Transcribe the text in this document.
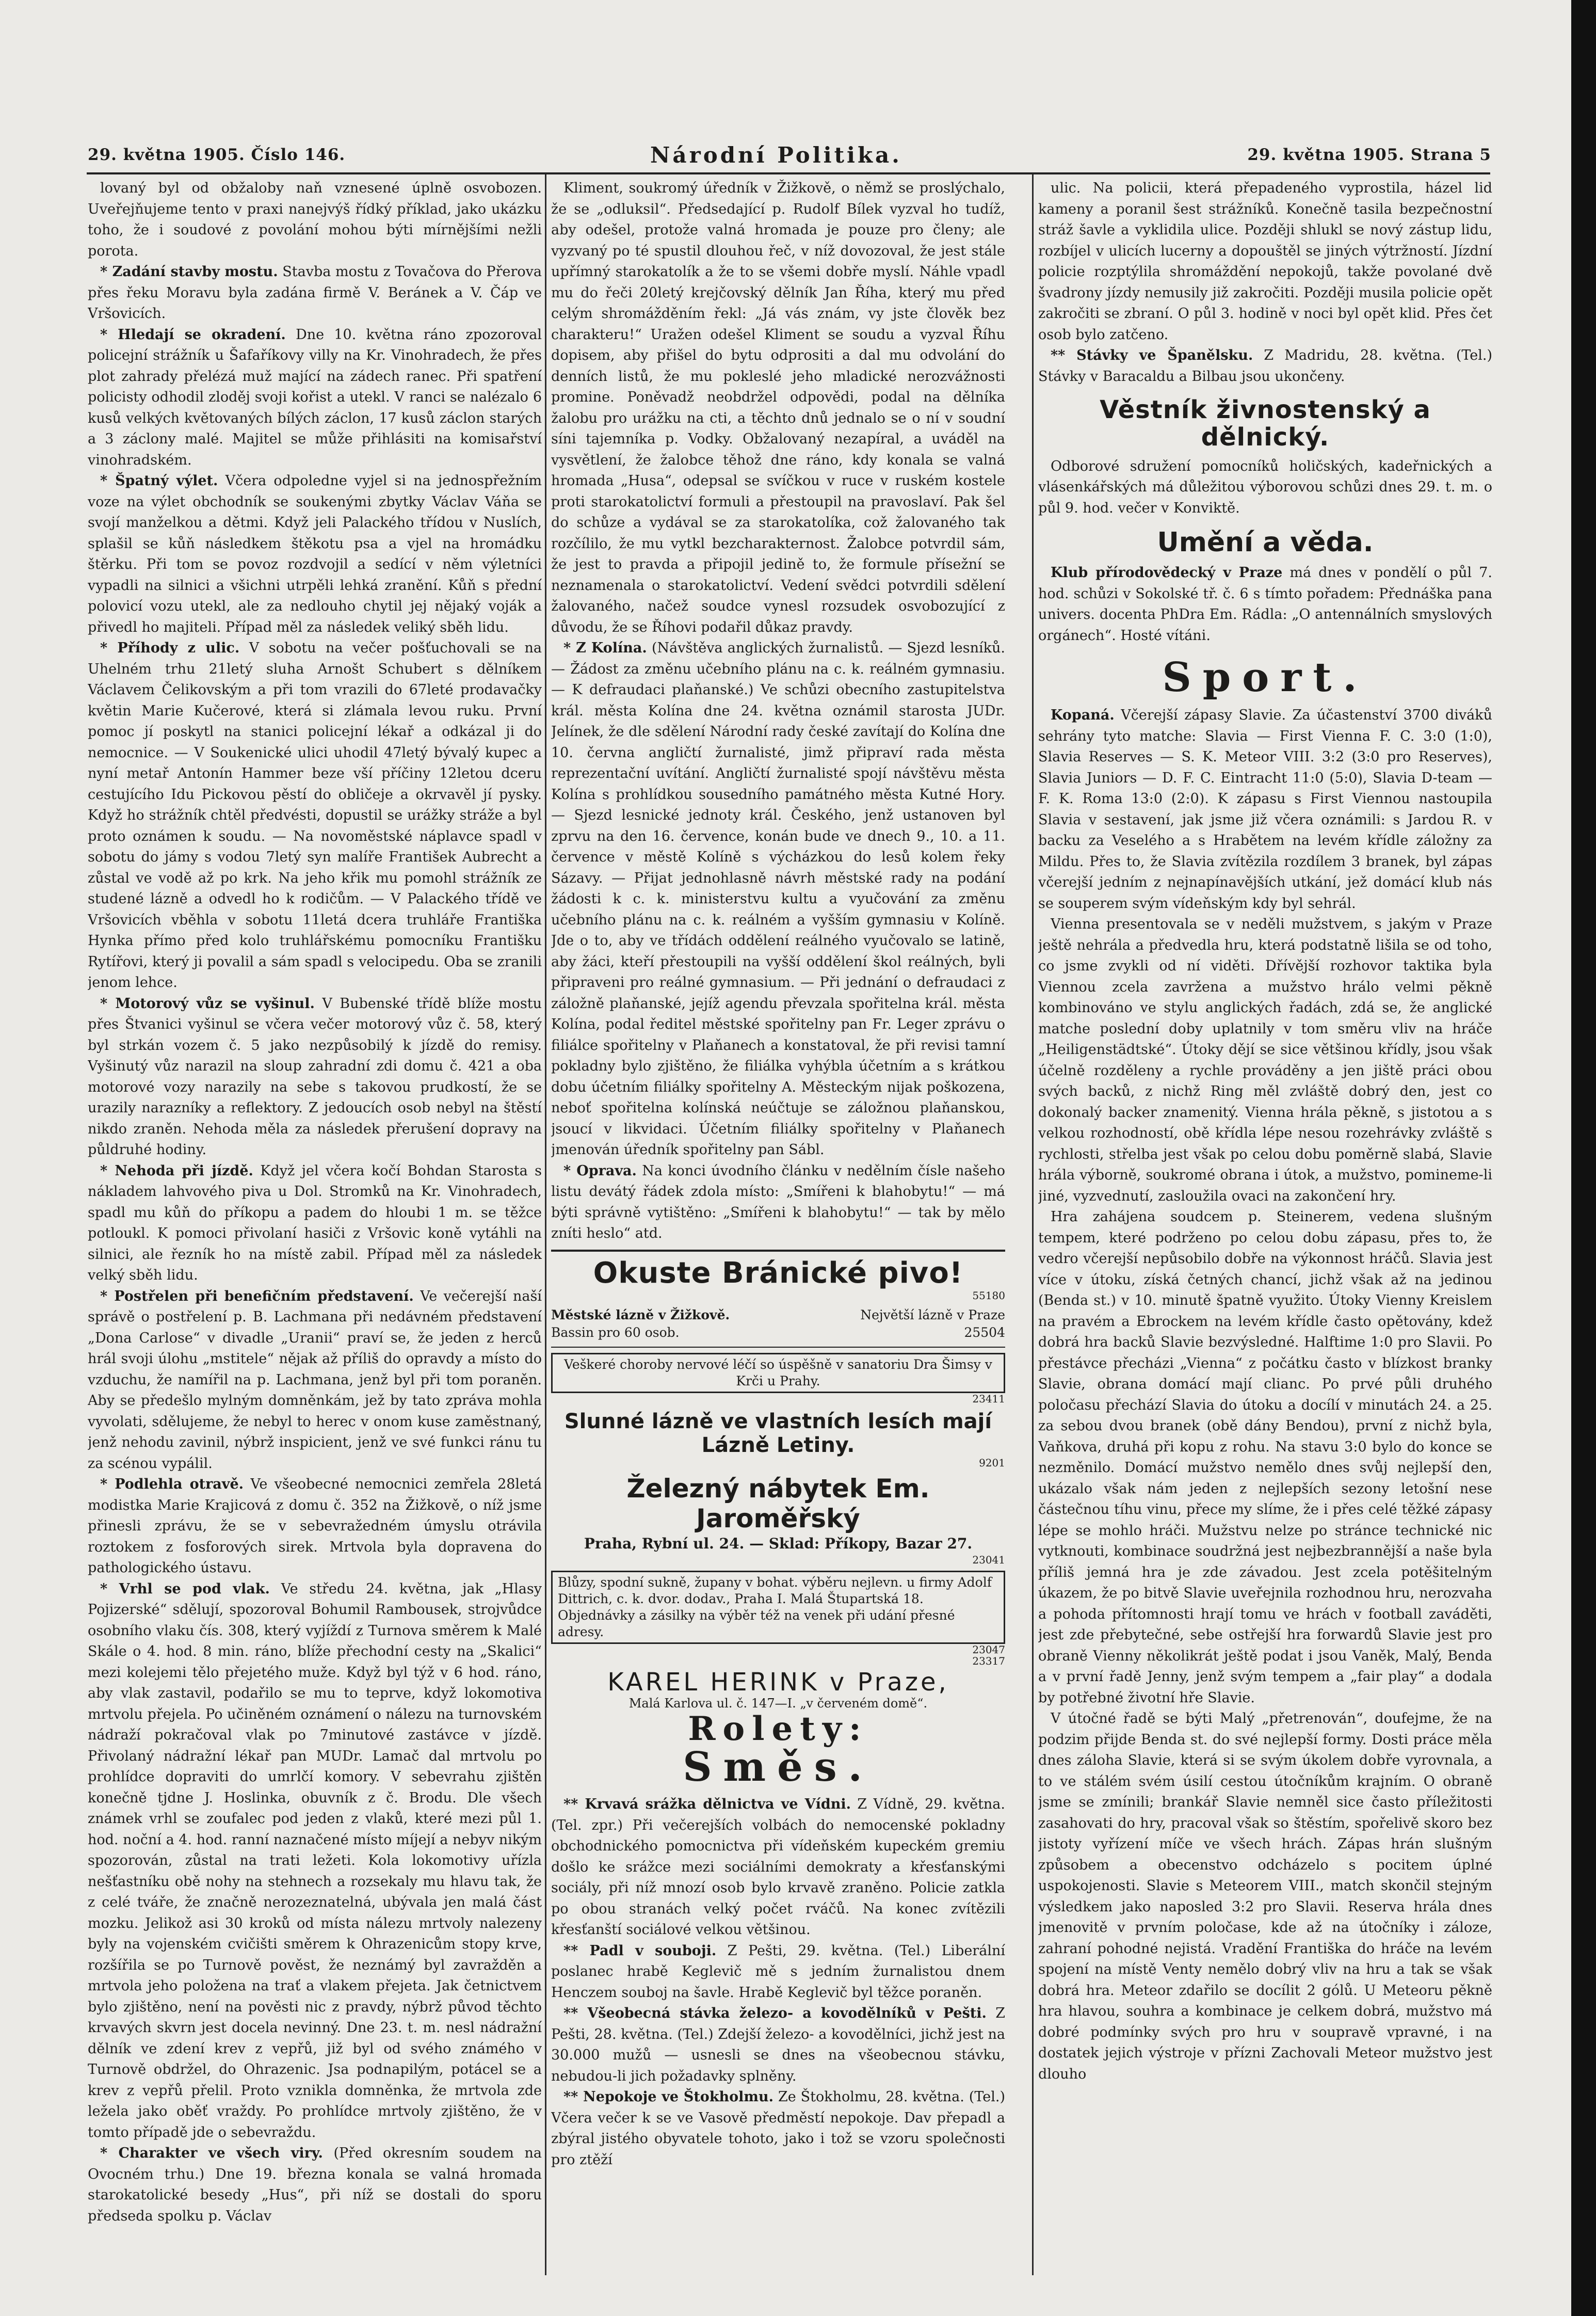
29. května 1905. Číslo 146.	Národní Politika.	29. května 1905. Strana 5

lovaný byl od obžaloby naň vznesené úplně osvobozen. Uveřejňujeme tento v praxi nanejvýš řídký příklad, jako ukázku toho, že i soudové z povolání mohou býti mírnějšími nežli porota.

* Zadání stavby mostu. Stavba mostu z Tovačova do Přerova přes řeku Moravu byla zadána firmě V. Beránek a V. Čáp ve Vršovicích.

* Hledají se okradení. Dne 10. května ráno zpozoroval policejní strážník u Šafaříkovy villy na Kr. Vinohradech, že přes plot zahrady přelézá muž mající na zádech ranec. Při spatření policisty odhodil zloděj svoji kořist a utekl. V ranci se nalézalo 6 kusů velkých květovaných bílých záclon, 17 kusů záclon starých a 3 záclony malé. Majitel se může přihlásiti na komisařství vinohradském.

* Špatný výlet. Včera odpoledne vyjel si na jednospřežním voze na výlet obchodník se soukenými zbytky Václav Váňa se svojí manželkou a dětmi. Když jeli Palackého třídou v Nuslích, splašil se kůň následkem štěkotu psa a vjel na hromádku štěrku. Při tom se povoz rozdvojil a sedící v něm výletníci vypadli na silnici a všichni utrpěli lehká zranění. Kůň s přední polovicí vozu utekl, ale za nedlouho chytil jej nějaký voják a přivedl ho majiteli. Případ měl za následek veliký sběh lidu.

* Příhody z ulic. V sobotu na večer pošťuchovali se na Uhelném trhu 21letý sluha Arnošt Schubert s dělníkem Václavem Čelikovským a při tom vrazili do 67leté prodavačky květin Marie Kučerové, která si zlámala levou ruku. První pomoc jí poskytl na stanici policejní lékař a odkázal ji do nemocnice. — V Soukenické ulici uhodil 47letý bývalý kupec a nyní metař Antonín Hammer beze vší příčiny 12letou dceru cestujícího Idu Pickovou pěstí do obličeje a okrvavěl jí pysky. Když ho strážník chtěl předvésti, dopustil se urážky stráže a byl proto oznámen k soudu. — Na novoměstské náplavce spadl v sobotu do jámy s vodou 7letý syn malíře František Aubrecht a zůstal ve vodě až po krk. Na jeho křik mu pomohl strážník ze studené lázně a odvedl ho k rodičům. — V Palackého třídě ve Vršovicích vběhla v sobotu 11letá dcera truhláře Františka Hynka přímo před kolo truhlářskému pomocníku Františku Rytířovi, který ji povalil a sám spadl s velocipedu. Oba se zranili jenom lehce.

* Motorový vůz se vyšinul. V Bubenské třídě blíže mostu přes Štvanici vyšinul se včera večer motorový vůz č. 58, který byl strkán vozem č. 5 jako nezpůsobilý k jízdě do remisy. Vyšinutý vůz narazil na sloup zahradní zdi domu č. 421 a oba motorové vozy narazily na sebe s takovou prudkostí, že se urazily narazníky a reflektory. Z jedoucích osob nebyl na štěstí nikdo zraněn. Nehoda měla za následek přerušení dopravy na půldruhé hodiny.

* Nehoda při jízdě. Když jel včera kočí Bohdan Starosta s nákladem lahvového piva u Dol. Stromků na Kr. Vinohradech, spadl mu kůň do příkopu a padem do hloubi 1 m. se těžce potloukl. K pomoci přivolaní hasiči z Vršovic koně vytáhli na silnici, ale řezník ho na místě zabil. Případ měl za následek velký sběh lidu.

* Postřelen při benefičním představení. Ve večerejší naší správě o postřelení p. B. Lachmana při nedávném představení „Dona Carlose“ v divadle „Uranii“ praví se, že jeden z herců hrál svoji úlohu „mstitele“ nějak až příliš do opravdy a místo do vzduchu, že namířil na p. Lachmana, jenž byl při tom poraněn. Aby se předešlo mylným domněnkám, jež by tato zpráva mohla vyvolati, sdělujeme, že nebyl to herec v onom kuse zaměstnaný, jenž nehodu zavinil, nýbrž inspicient, jenž ve své funkci ránu tu za scénou vypálil.

* Podlehla otravě. Ve všeobecné nemocnici zemřela 28letá modistka Marie Krajicová z domu č. 352 na Žižkově, o níž jsme přinesli zprávu, že se v sebevražedném úmyslu otrávila roztokem z fosforových sirek. Mrtvola byla dopravena do pathologického ústavu.

* Vrhl se pod vlak. Ve středu 24. května, jak „Hlasy Pojizerské“ sdělují, spozoroval Bohumil Rambousek, strojvůdce osobního vlaku čís. 308, který vyjíždí z Turnova směrem k Malé Skále o 4. hod. 8 min. ráno, blíže přechodní cesty na „Skalici“ mezi kolejemi tělo přejetého muže. Když byl týž v 6 hod. ráno, aby vlak zastavil, podařilo se mu to teprve, když lokomotiva mrtvolu přejela. Po učiněném oznámení o nálezu na turnovském nádraží pokračoval vlak po 7minutové zastávce v jízdě. Přivolaný nádražní lékař pan MUDr. Lamač dal mrtvolu po prohlídce dopraviti do umrlčí komory. V sebevrahu zjištěn konečně tjdne J. Hoslinka, obuvník z č. Brodu. Dle všech známek vrhl se zoufalec pod jeden z vlaků, které mezi půl 1. hod. noční a 4. hod. ranní naznačené místo míjejí a nebyv nikým spozorován, zůstal na trati ležeti. Kola lokomotivy uřízla nešťastníku obě nohy na stehnech a rozsekaly mu hlavu tak, že z celé tváře, že značně nerozeznatelná, ubývala jen malá část mozku. Jelikož asi 30 kroků od místa nálezu mrtvoly nalezeny byly na vojenském cvičišti směrem k Ohrazenicům stopy krve, rozšířila se po Turnově pověst, že neznámý byl zavražděn a mrtvola jeho položena na trať a vlakem přejeta. Jak četnictvem bylo zjištěno, není na pověsti nic z pravdy, nýbrž původ těchto krvavých skvrn jest docela nevinný. Dne 23. t. m. nesl nádražní dělník ve zdení krev z vepřů, již byl od svého známého v Turnově obdržel, do Ohrazenic. Jsa podnapilým, potácel se a krev z vepřů přelil. Proto vznikla domněnka, že mrtvola zde ležela jako oběť vraždy. Po prohlídce mrtvoly zjištěno, že v tomto případě jde o sebevraždu.

* Charakter ve všech viry. (Před okresním soudem na Ovocném trhu.) Dne 19. března konala se valná hromada starokatolické besedy „Hus“, při níž se dostali do sporu předseda spolku p. Václav

Kliment, soukromý úředník v Žižkově, o němž se proslýchalo, že se „odluksil“. Předsedající p. Rudolf Bílek vyzval ho tudíž, aby odešel, protože valná hromada je pouze pro členy; ale vyzvaný po té spustil dlouhou řeč, v níž dovozoval, že jest stále upřímný starokatolík a že to se všemi dobře myslí. Náhle vpadl mu do řeči 20letý krejčovský dělník Jan Říha, který mu před celým shromážděním řekl: „Já vás znám, vy jste člověk bez charakteru!“ Uražen odešel Kliment se soudu a vyzval Říhu dopisem, aby přišel do bytu odprositi a dal mu odvolání do denních listů, že mu pokleslé jeho mladické nerozvážnosti promine. Poněvadž neobdržel odpovědi, podal na dělníka žalobu pro urážku na cti, a těchto dnů jednalo se o ní v soudní síni tajemníka p. Vodky. Obžalovaný nezapíral, a uváděl na vysvětlení, že žalobce těhož dne ráno, kdy konala se valná hromada „Husa“, odepsal se svíčkou v ruce v ruském kostele proti starokatolictví formuli a přestoupil na pravoslaví. Pak šel do schůze a vydával se za starokatolíka, což žalovaného tak rozčílilo, že mu vytkl bezcharakternost. Žalobce potvrdil sám, že jest to pravda a připojil jedině to, že formule přísežní se neznamenala o starokatolictví. Vedení svědci potvrdili sdělení žalovaného, načež soudce vynesl rozsudek osvobozující z důvodu, že se Říhovi podařil důkaz pravdy.

* Z Kolína. (Návštěva anglických žurnalistů. — Sjezd lesníků. — Žádost za změnu učebního plánu na c. k. reálném gymnasiu. — K defraudaci plaňanské.) Ve schůzi obecního zastupitelstva král. města Kolína dne 24. května oznámil starosta JUDr. Jelínek, že dle sdělení Národní rady české zavítají do Kolína dne 10. června angličtí žurnalisté, jimž připraví rada města reprezentační uvítání. Angličtí žurnalisté spojí návštěvu města Kolína s prohlídkou sousedního památného města Kutné Hory. — Sjezd lesnické jednoty král. Českého, jenž ustanoven byl zprvu na den 16. července, konán bude ve dnech 9., 10. a 11. července v městě Kolíně s výcházkou do lesů kolem řeky Sázavy. — Přijat jednohlasně návrh městské rady na podání žádosti k c. k. ministerstvu kultu a vyučování za změnu učebního plánu na c. k. reálném a vyšším gymnasiu v Kolíně. Jde o to, aby ve třídách oddělení reálného vyučovalo se latině, aby žáci, kteří přestoupili na vyšší oddělení škol reálných, byli připraveni pro reálné gymnasium. — Při jednání o defraudaci z záložně plaňanské, jejíž agendu převzala spořitelna král. města Kolína, podal ředitel městské spořitelny pan Fr. Leger zprávu o filiálce spořitelny v Plaňanech a konstatoval, že při revisi tamní pokladny bylo zjištěno, že filiálka vyhýbla účetním a s krátkou dobu účetním filiálky spořitelny A. Městeckým nijak poškozena, neboť spořitelna kolínská neúčtuje se záložnou plaňanskou, jsoucí v likvidaci. Účetním filiálky spořitelny v Plaňanech jmenován úředník spořitelny pan Sábl.

* Oprava. Na konci úvodního článku v nedělním čísle našeho listu devátý řádek zdola místo: „Smířeni k blahobytu!“ — má býti správně vytištěno: „Smířeni k blahobytu!“ — tak by mělo zníti heslo“ atd.

Okuste Bránické pivo!
55180
Městské lázně v Žižkově.	Největší lázně v Praze
Bassin pro 60 osob.	25504
Veškeré choroby nervové léčí so úspěšně v sanatoriu Dra Šimsy v Krči u Prahy.
23411
Slunné lázně ve vlastních lesích mají Lázně Letiny.
9201
Železný nábytek Em. Jaroměřský
Praha, Rybní ul. 24. — Sklad: Příkopy, Bazar 27.
23041
Blůzy, spodní sukně, župany v bohat. výběru nejlevn. u firmy Adolf Dittrich, c. k. dvor. dodav., Praha I. Malá Štupartská 18. Objednávky a zásilky na výběr též na venek při udání přesné adresy.
23047
23317
KAREL HERINK v Praze,
Malá Karlova ul. č. 147—I. „v červeném domě“.
Rolety:
Směs.

** Krvavá srážka dělnictva ve Vídni. Z Vídně, 29. května. (Tel. zpr.) Při večerejších volbách do nemocenské pokladny obchodnického pomocnictva při vídeňském kupeckém gremiu došlo ke srážce mezi sociálními demokraty a křesťanskými sociály, při níž mnozí osob bylo krvavě zraněno. Policie zatkla po obou stranách velký počet rváčů. Na konec zvítězili křesťanští sociálové velkou většinou.

** Padl v souboji. Z Pešti, 29. května. (Tel.) Liberální poslanec hrabě Keglevič mě s jedním žurnalistou dnem Henczem souboj na šavle. Hrabě Keglevič byl těžce poraněn.

** Všeobecná stávka železo- a kovodělníků v Pešti. Z Pešti, 28. května. (Tel.) Zdejší železo- a kovodělníci, jichž jest na 30.000 mužů — usnesli se dnes na všeobecnou stávku, nebudou-li jich požadavky splněny.

** Nepokoje ve Štokholmu. Ze Štokholmu, 28. května. (Tel.) Včera večer k se ve Vasově předměstí nepokoje. Dav přepadl a zbýral jistého obyvatele tohoto, jako i tož se vzoru společnosti pro ztěží

ulic. Na policii, která přepadeného vyprostila, házel lid kameny a poranil šest strážníků. Konečně tasila bezpečnostní stráž šavle a vyklidila ulice. Později shlukl se nový zástup lidu, rozbíjel v ulicích lucerny a dopouštěl se jiných výtržností. Jízdní policie rozptýlila shromáždění nepokojů, takže povolané dvě švadrony jízdy nemusily již zakročiti. Později musila policie opět zakročiti se zbraní. O půl 3. hodině v noci byl opět klid. Přes čet osob bylo zatčeno.

** Stávky ve Španělsku. Z Madridu, 28. května. (Tel.) Stávky v Baracaldu a Bilbau jsou ukončeny.

Věstník živnostenský a dělnický.

Odborové sdružení pomocníků holičských, kadeřnických a vlásenkářských má důležitou výborovou schůzi dnes 29. t. m. o půl 9. hod. večer v Konviktě.

Umění a věda.

Klub přírodovědecký v Praze má dnes v pondělí o půl 7. hod. schůzi v Sokolské tř. č. 6 s tímto pořadem: Přednáška pana univers. docenta PhDra Em. Rádla: „O antennálních smyslových orgánech“. Hosté vítáni.

Sport.

Kopaná. Včerejší zápasy Slavie. Za účastenství 3700 diváků sehrány tyto matche: Slavia — First Vienna F. C. 3:0 (1:0), Slavia Reserves — S. K. Meteor VIII. 3:2 (3:0 pro Reserves), Slavia Juniors — D. F. C. Eintracht 11:0 (5:0), Slavia D-team — F. K. Roma 13:0 (2:0). K zápasu s First Viennou nastoupila Slavia v sestavení, jak jsme již včera oznámili: s Jardou R. v backu za Veselého a s Hrabětem na levém křídle záložny za Mildu. Přes to, že Slavia zvítězila rozdílem 3 branek, byl zápas včerejší jedním z nejnapínavějších utkání, jež domácí klub nás se souperem svým vídeňským kdy byl sehrál.

Vienna presentovala se v neděli mužstvem, s jakým v Praze ještě nehrála a předvedla hru, která podstatně lišila se od toho, co jsme zvykli od ní viděti. Dřívější rozhovor taktika byla Viennou zcela zavržena a mužstvo hrálo velmi pěkně kombinováno ve stylu anglických řadách, zdá se, že anglické matche poslední doby uplatnily v tom směru vliv na hráče „Heiligenstädtské“. Útoky dějí se sice většinou křídly, jsou však účelně rozděleny a rychle prováděny a jen jiště práci obou svých backů, z nichž Ring měl zvláště dobrý den, jest co dokonalý backer znamenitý. Vienna hrála pěkně, s jistotou a s velkou rozhodností, obě křídla lépe nesou rozehrávky zvláště s rychlosti, střelba jest však po celou dobu poměrně slabá, Slavie hrála výborně, soukromé obrana i útok, a mužstvo, pomineme-li jiné, vyzvednutí, zasloužila ovaci na zakončení hry.

Hra zahájena soudcem p. Steinerem, vedena slušným tempem, které podrženo po celou dobu zápasu, přes to, že vedro včerejší nepůsobilo dobře na výkonnost hráčů. Slavia jest více v útoku, získá četných chancí, jichž však až na jedinou (Benda st.) v 10. minutě špatně využito. Útoky Vienny Kreislem na pravém a Ebrockem na levém křídle často opětovány, kdež dobrá hra backů Slavie bezvýsledné. Halftime 1:0 pro Slavii. Po přestávce přecházi „Vienna“ z počátku často v blízkost branky Slavie, obrana domácí mají clianc. Po prvé půli druhého poločasu přechází Slavia do útoku a docílí v minutách 24. a 25. za sebou dvou branek (obě dány Bendou), první z nichž byla, Vaňkova, druhá při kopu z rohu. Na stavu 3:0 bylo do konce se nezměnilo. Domácí mužstvo nemělo dnes svůj nejlepší den, ukázalo však nám jeden z nejlepších sezony letošní nese částečnou tíhu vinu, přece my slíme, že i přes celé těžké zápasy lépe se mohlo hráči. Mužstvu nelze po stránce technické nic vytknouti, kombinace soudržná jest nejbezbrannější a naše byla příliš jemná hra je zde závadou. Jest zcela potěšitelným úkazem, že po bitvě Slavie uveřejnila rozhodnou hru, nerozvaha a pohoda přítomnosti hrají tomu ve hrách v football zaváděti, jest zde přebytečné, sebe ostřejší hra forwardů Slavie jest pro obraně Vienny několikrát ještě podat i jsou Vaněk, Malý, Benda a v první řadě Jenny, jenž svým tempem a „fair play“ a dodala by potřebné životní hře Slavie.

V útočné řadě se býti Malý „přetrenován“, doufejme, že na podzim přijde Benda st. do své nejlepší formy. Dosti práce měla dnes záloha Slavie, která si se svým úkolem dobře vyrovnala, a to ve stálém svém úsilí cestou útočníkům krajním. O obraně jsme se zmínili; brankář Slavie nemněl sice často příležitosti zasahovati do hry, pracoval však so štěstím, spořelivě skoro bez jistoty vyřízení míče ve všech hrách. Zápas hrán slušným způsobem a obecenstvo odcházelo s pocitem úplné uspokojenosti. Slavie s Meteorem VIII., match skončil stejným výsledkem jako naposled 3:2 pro Slavii. Reserva hrála dnes jmenovitě v prvním poločase, kde až na útočníky i záloze, zahraní pohodné nejistá. Vradění Františka do hráče na levém spojení na místě Venty nemělo dobrý vliv na hru a tak se však dobrá hra. Meteor zdařilo se docílit 2 gólů. U Meteoru pěkně hra hlavou, souhra a kombinace je celkem dobrá, mužstvo má dobré podmínky svých pro hru v soupravě vpravné, i na dostatek jejich výstroje v přízni Zachovali Meteor mužstvo jest dlouho
